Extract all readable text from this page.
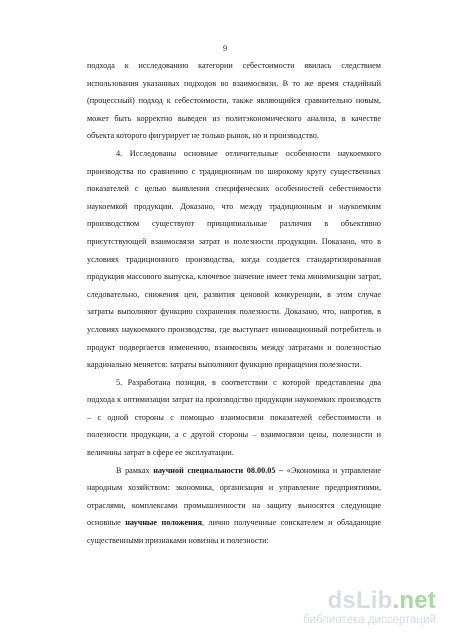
9

подхода к исследованию категории себестоимости явилась следствием использования указанных подходов во взаимосвязи. В то же время стадийный (процессный) подход к себестоимости, также являющийся сравнительно новым, может быть корректно выведен из политэкономического анализа, в качестве объекта которого фигурирует не только рынок, но и производство.

4. Исследованы основные отличительные особенности наукоемкого производства по сравнению с традиционным по широкому кругу существенных показателей с целью выявления специфических особенностей себестоимости наукоемкой продукции. Доказано, что между традиционным и наукоемким производством существуют принципиальные различия в объективно присутствующей взаимосвязи затрат и полезности продукции. Показано, что в условиях традиционного производства, когда создается стандартизированная продукция массового выпуска, ключевое значение имеет тема минимизации затрат, следовательно, снижения цен, развития ценовой конкуренции, в этом случае затраты выполняют функцию сохранения полезности. Доказано, что, напротив, в условиях наукоемкого производства, где выступает инновационный потребитель и продукт подвергается изменению, взаимосвязь между затратами и полезностью кардинально меняется: затраты выполняют функцию приращения полезности.

5. Разработана позиция, в соответствии с которой представлены два подхода к оптимизации затрат на производство продукции наукоемких производств – с одной стороны с помощью взаимосвязи показателей себестоимости и полезности продукции, а с другой стороны – взаимосвязи цены, полезности и величины затрат в сфере ее эксплуатации.

В рамках научной специальности 08.00.05 – «Экономика и управление народным хозяйством: экономика, организация и управление предприятиями, отраслями, комплексами промышленности на защиту выносятся следующие основные научные положения, лично полученные соискателем и обладающие существенными признаками новизны и полезности:

dsLib.net
библиотека диссертаций
